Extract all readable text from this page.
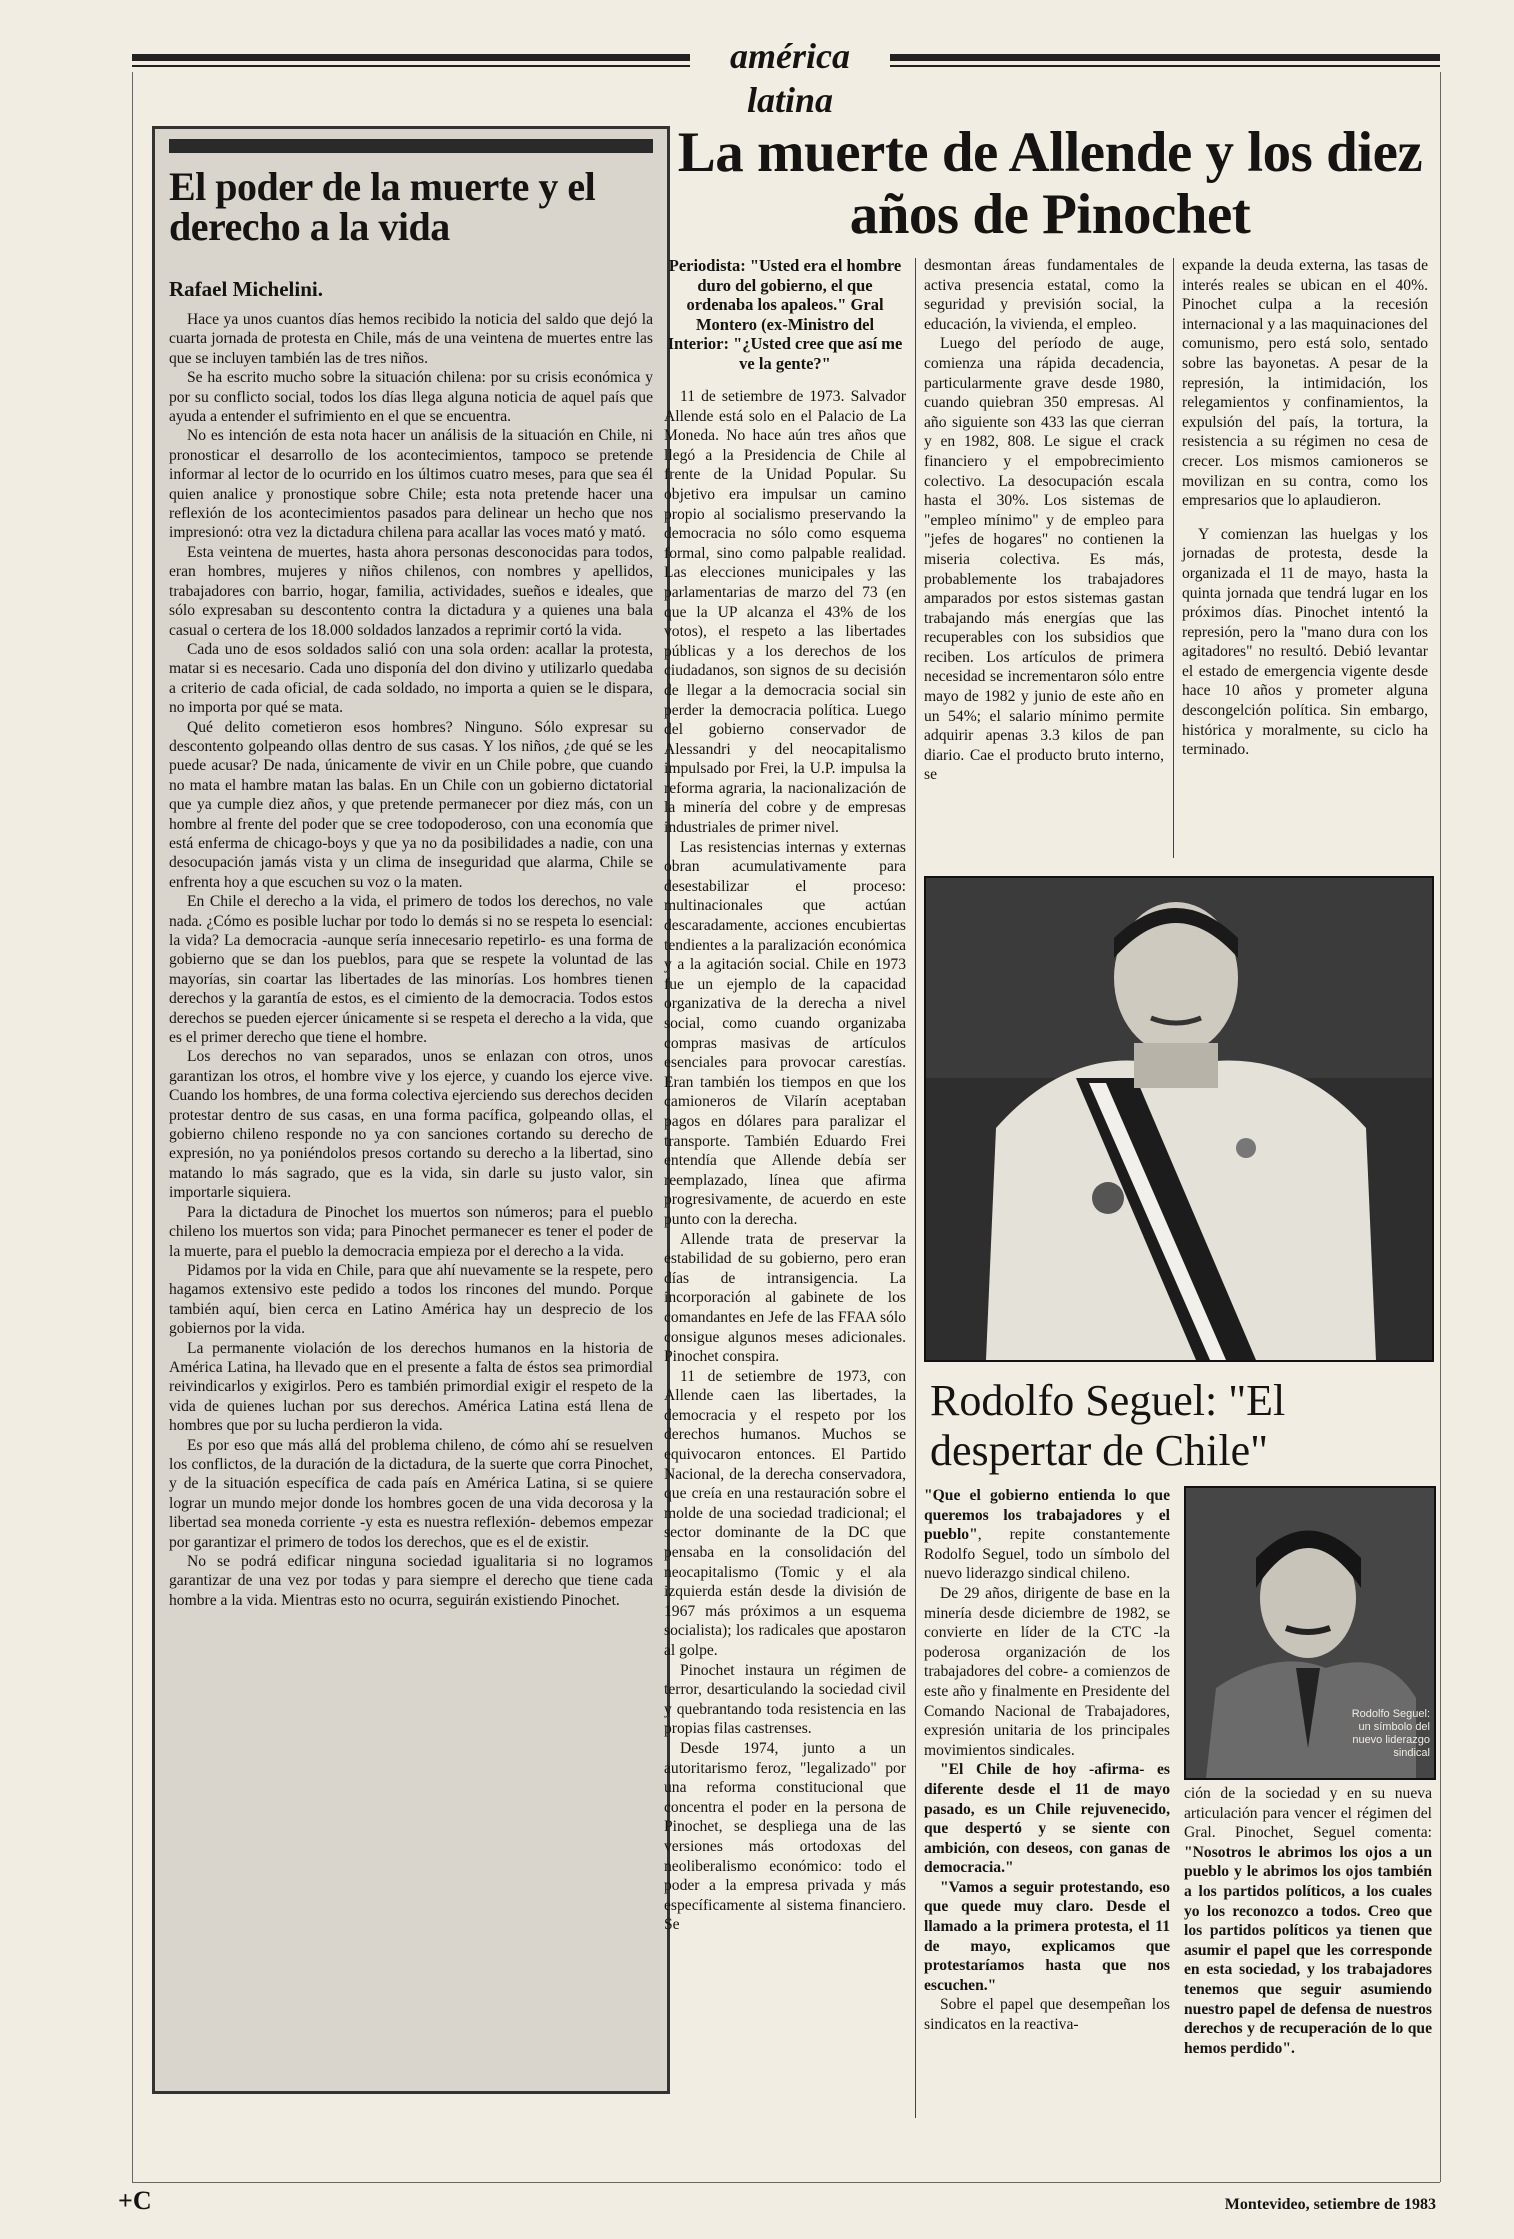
américa latina
El poder de la muerte y el derecho a la vida
Rafael Michelini.

Hace ya unos cuantos días hemos recibido la noticia del saldo que dejó la cuarta jornada de protesta en Chile, más de una veintena de muertes entre las que se incluyen también las de tres niños.

Se ha escrito mucho sobre la situación chilena: por su crisis económica y por su conflicto social, todos los días llega alguna noticia de aquel país que ayuda a entender el sufrimiento en el que se encuentra.

No es intención de esta nota hacer un análisis de la situación en Chile, ni pronosticar el desarrollo de los acontecimientos, tampoco se pretende informar al lector de lo ocurrido en los últimos cuatro meses, para que sea él quien analice y pronostique sobre Chile; esta nota pretende hacer una reflexión de los acontecimientos pasados para delinear un hecho que nos impresionó: otra vez la dictadura chilena para acallar las voces mató y mató.

Esta veintena de muertes, hasta ahora personas desconocidas para todos, eran hombres, mujeres y niños chilenos, con nombres y apellidos, trabajadores con barrio, hogar, familia, actividades, sueños e ideales, que sólo expresaban su descontento contra la dictadura y a quienes una bala casual o certera de los 18.000 soldados lanzados a reprimir cortó la vida.

Cada uno de esos soldados salió con una sola orden: acallar la protesta, matar si es necesario. Cada uno disponía del don divino y utilizarlo quedaba a criterio de cada oficial, de cada soldado, no importa a quien se le dispara, no importa por qué se mata.

Qué delito cometieron esos hombres? Ninguno. Sólo expresar su descontento golpeando ollas dentro de sus casas. Y los niños, ¿de qué se les puede acusar? De nada, únicamente de vivir en un Chile pobre, que cuando no mata el hambre matan las balas. En un Chile con un gobierno dictatorial que ya cumple diez años, y que pretende permanecer por diez más, con un hombre al frente del poder que se cree todopoderoso, con una economía que está enferma de chicago-boys y que ya no da posibilidades a nadie, con una desocupación jamás vista y un clima de inseguridad que alarma, Chile se enfrenta hoy a que escuchen su voz o la maten.

En Chile el derecho a la vida, el primero de todos los derechos, no vale nada. ¿Cómo es posible luchar por todo lo demás si no se respeta lo esencial: la vida? La democracia -aunque sería innecesario repetirlo- es una forma de gobierno que se dan los pueblos, para que se respete la voluntad de las mayorías, sin coartar las libertades de las minorías. Los hombres tienen derechos y la garantía de estos, es el cimiento de la democracia. Todos estos derechos se pueden ejercer únicamente si se respeta el derecho a la vida, que es el primer derecho que tiene el hombre.

Los derechos no van separados, unos se enlazan con otros, unos garantizan los otros, el hombre vive y los ejerce, y cuando los ejerce vive. Cuando los hombres, de una forma colectiva ejerciendo sus derechos deciden protestar dentro de sus casas, en una forma pacífica, golpeando ollas, el gobierno chileno responde no ya con sanciones cortando su derecho de expresión, no ya poniéndolos presos cortando su derecho a la libertad, sino matando lo más sagrado, que es la vida, sin darle su justo valor, sin importarle siquiera.

Para la dictadura de Pinochet los muertos son números; para el pueblo chileno los muertos son vida; para Pinochet permanecer es tener el poder de la muerte, para el pueblo la democracia empieza por el derecho a la vida.

Pidamos por la vida en Chile, para que ahí nuevamente se la respete, pero hagamos extensivo este pedido a todos los rincones del mundo. Porque también aquí, bien cerca en Latino América hay un desprecio de los gobiernos por la vida.

La permanente violación de los derechos humanos en la historia de América Latina, ha llevado que en el presente a falta de éstos sea primordial reivindicarlos y exigirlos. Pero es también primordial exigir el respeto de la vida de quienes luchan por sus derechos. América Latina está llena de hombres que por su lucha perdieron la vida.

Es por eso que más allá del problema chileno, de cómo ahí se resuelven los conflictos, de la duración de la dictadura, de la suerte que corra Pinochet, y de la situación específica de cada país en América Latina, si se quiere lograr un mundo mejor donde los hombres gocen de una vida decorosa y la libertad sea moneda corriente -y esta es nuestra reflexión- debemos empezar por garantizar el primero de todos los derechos, que es el de existir.

No se podrá edificar ninguna sociedad igualitaria si no logramos garantizar de una vez por todas y para siempre el derecho que tiene cada hombre a la vida. Mientras esto no ocurra, seguirán existiendo Pinochet.

La muerte de Allende y los diez años de Pinochet

Periodista: "Usted era el hombre duro del gobierno, el que ordenaba los apaleos." Gral Montero (ex-Ministro del Interior: "¿Usted cree que así me ve la gente?"

11 de setiembre de 1973. Salvador Allende está solo en el Palacio de La Moneda. No hace aún tres años que llegó a la Presidencia de Chile al frente de la Unidad Popular. Su objetivo era impulsar un camino propio al socialismo preservando la democracia no sólo como esquema formal, sino como palpable realidad. Las elecciones municipales y las parlamentarias de marzo del 73 (en que la UP alcanza el 43% de los votos), el respeto a las libertades públicas y a los derechos de los ciudadanos, son signos de su decisión de llegar a la democracia social sin perder la democracia política. Luego del gobierno conservador de Alessandri y del neocapitalismo impulsado por Frei, la U.P. impulsa la reforma agraria, la nacionalización de la minería del cobre y de empresas industriales de primer nivel.

Las resistencias internas y externas obran acumulativamente para desestabilizar el proceso: multinacionales que actúan descaradamente, acciones encubiertas tendientes a la paralización económica y a la agitación social. Chile en 1973 fue un ejemplo de la capacidad organizativa de la derecha a nivel social, como cuando organizaba compras masivas de artículos esenciales para provocar carestías. Eran también los tiempos en que los camioneros de Vilarín aceptaban pagos en dólares para paralizar el transporte. También Eduardo Frei entendía que Allende debía ser reemplazado, línea que afirma progresivamente, de acuerdo en este punto con la derecha.

Allende trata de preservar la estabilidad de su gobierno, pero eran días de intransigencia. La incorporación al gabinete de los comandantes en Jefe de las FFAA sólo consigue algunos meses adicionales. Pinochet conspira.

11 de setiembre de 1973, con Allende caen las libertades, la democracia y el respeto por los derechos humanos. Muchos se equivocaron entonces. El Partido Nacional, de la derecha conservadora, que creía en una restauración sobre el molde de una sociedad tradicional; el sector dominante de la DC que pensaba en la consolidación del neocapitalismo (Tomic y el ala izquierda están desde la división de 1967 más próximos a un esquema socialista); los radicales que apostaron al golpe.

Pinochet instaura un régimen de terror, desarticulando la sociedad civil y quebrantando toda resistencia en las propias filas castrenses.

Desde 1974, junto a un autoritarismo feroz, "legalizado" por una reforma constitucional que concentra el poder en la persona de Pinochet, se despliega una de las versiones más ortodoxas del neoliberalismo económico: todo el poder a la empresa privada y más específicamente al sistema financiero. Se

desmontan áreas fundamentales de activa presencia estatal, como la seguridad y previsión social, la educación, la vivienda, el empleo.

Luego del período de auge, comienza una rápida decadencia, particularmente grave desde 1980, cuando quiebran 350 empresas. Al año siguiente son 433 las que cierran y en 1982, 808. Le sigue el crack financiero y el empobrecimiento colectivo. La desocupación escala hasta el 30%. Los sistemas de "empleo mínimo" y de empleo para "jefes de hogares" no contienen la miseria colectiva. Es más, probablemente los trabajadores amparados por estos sistemas gastan trabajando más energías que las recuperables con los subsidios que reciben. Los artículos de primera necesidad se incrementaron sólo entre mayo de 1982 y junio de este año en un 54%; el salario mínimo permite adquirir apenas 3.3 kilos de pan diario. Cae el producto bruto interno, se

expande la deuda externa, las tasas de interés reales se ubican en el 40%. Pinochet culpa a la recesión internacional y a las maquinaciones del comunismo, pero está solo, sentado sobre las bayonetas. A pesar de la represión, la intimidación, los relegamientos y confinamientos, la expulsión del país, la tortura, la resistencia a su régimen no cesa de crecer. Los mismos camioneros se movilizan en su contra, como los empresarios que lo aplaudieron.

Y comienzan las huelgas y los jornadas de protesta, desde la organizada el 11 de mayo, hasta la quinta jornada que tendrá lugar en los próximos días. Pinochet intentó la represión, pero la "mano dura con los agitadores" no resultó. Debió levantar el estado de emergencia vigente desde hace 10 años y prometer alguna descongelción política. Sin embargo, histórica y moralmente, su ciclo ha terminado.

Rodolfo Seguel: "El despertar de Chile"

"Que el gobierno entienda lo que queremos los trabajadores y el pueblo", repite constantemente Rodolfo Seguel, todo un símbolo del nuevo liderazgo sindical chileno.

De 29 años, dirigente de base en la minería desde diciembre de 1982, se convierte en líder de la CTC -la poderosa organización de los trabajadores del cobre- a comienzos de este año y finalmente en Presidente del Comando Nacional de Trabajadores, expresión unitaria de los principales movimientos sindicales.

"El Chile de hoy -afirma- es diferente desde el 11 de mayo pasado, es un Chile rejuvenecido, que despertó y se siente con ambición, con deseos, con ganas de democracia."

"Vamos a seguir protestando, eso que quede muy claro. Desde el llamado a la primera protesta, el 11 de mayo, explicamos que protestaríamos hasta que nos escuchen."

Sobre el papel que desempeñan los sindicatos en la reactiva-

Rodolfo Seguel: un símbolo del nuevo liderazgo sindical

ción de la sociedad y en su nueva articulación para vencer el régimen del Gral. Pinochet, Seguel comenta: "Nosotros le abrimos los ojos a un pueblo y le abrimos los ojos también a los partidos políticos, a los cuales yo los reconozco a todos. Creo que los partidos políticos ya tienen que asumir el papel que les corresponde en esta sociedad, y los trabajadores tenemos que seguir asumiendo nuestro papel de defensa de nuestros derechos y de recuperación de lo que hemos perdido".

+C	Montevideo, setiembre de 1983
